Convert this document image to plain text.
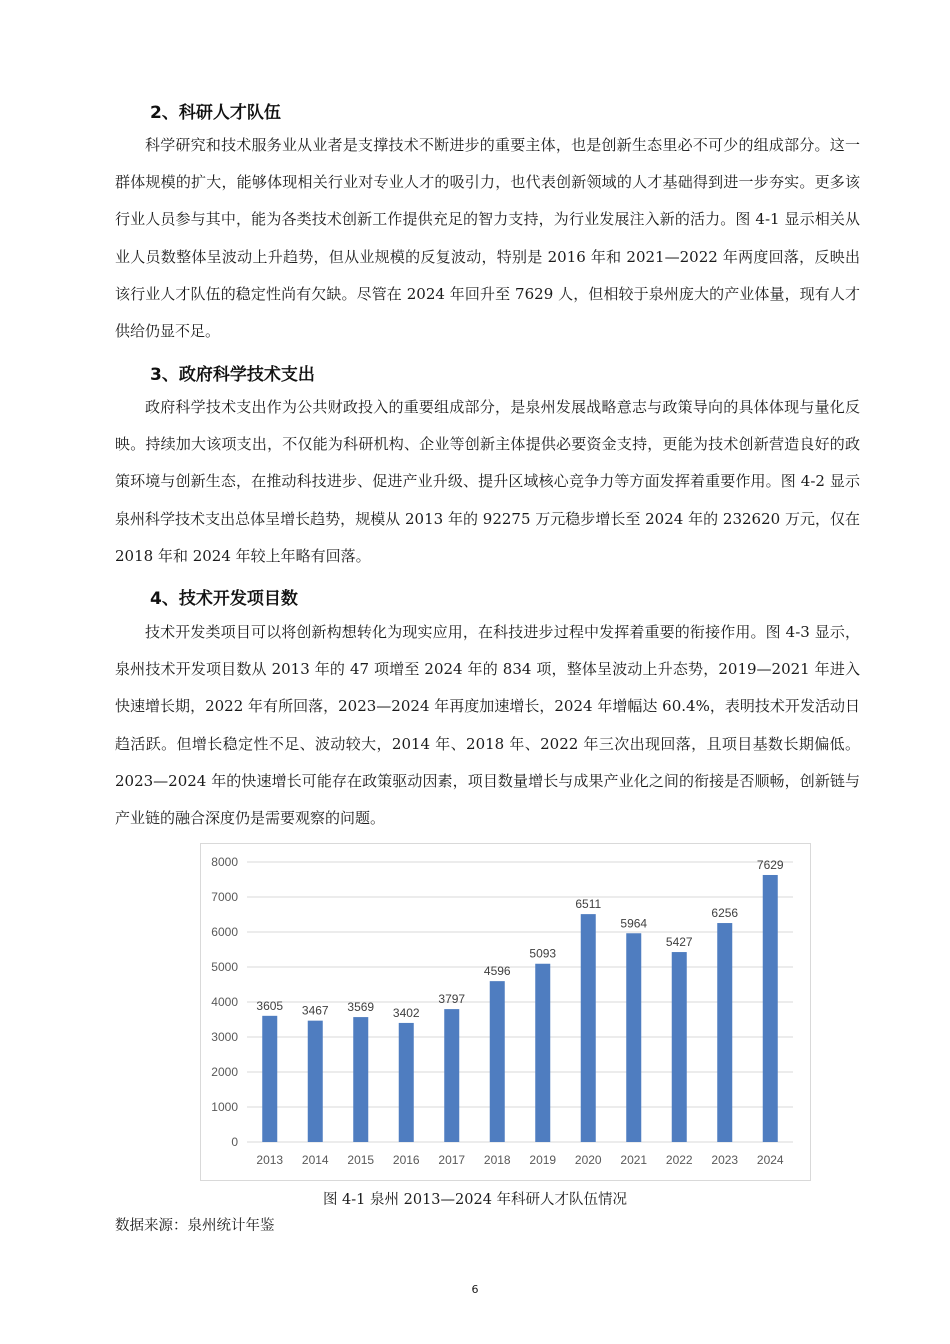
2、科研人才队伍

科学研究和技术服务业从业者是支撑技术不断进步的重要主体，也是创新生态里必不可少的组成部分。这一群体规模的扩大，能够体现相关行业对专业人才的吸引力，也代表创新领域的人才基础得到进一步夯实。更多该行业人员参与其中，能为各类技术创新工作提供充足的智力支持，为行业发展注入新的活力。图 4-1 显示相关从业人员数整体呈波动上升趋势，但从业规模的反复波动，特别是 2016 年和 2021—2022 年两度回落，反映出该行业人才队伍的稳定性尚有欠缺。尽管在 2024 年回升至 7629 人，但相较于泉州庞大的产业体量，现有人才供给仍显不足。

3、政府科学技术支出

政府科学技术支出作为公共财政投入的重要组成部分，是泉州发展战略意志与政策导向的具体体现与量化反映。持续加大该项支出，不仅能为科研机构、企业等创新主体提供必要资金支持，更能为技术创新营造良好的政策环境与创新生态，在推动科技进步、促进产业升级、提升区域核心竞争力等方面发挥着重要作用。图 4-2 显示泉州科学技术支出总体呈增长趋势，规模从 2013 年的 92275 万元稳步增长至 2024 年的 232620 万元，仅在 2018 年和 2024 年较上年略有回落。

4、技术开发项目数

技术开发类项目可以将创新构想转化为现实应用，在科技进步过程中发挥着重要的衔接作用。图 4-3 显示，泉州技术开发项目数从 2013 年的 47 项增至 2024 年的 834 项，整体呈波动上升态势，2019—2021 年进入快速增长期，2022 年有所回落，2023—2024 年再度加速增长，2024 年增幅达 60.4%，表明技术开发活动日趋活跃。但增长稳定性不足、波动较大，2014 年、2018 年、2022 年三次出现回落，且项目基数长期偏低。2023—2024 年的快速增长可能存在政策驱动因素，项目数量增长与成果产业化之间的衔接是否顺畅，创新链与产业链的融合深度仍是需要观察的问题。

0
1000
2000
3000
4000
5000
6000
7000
8000
3605
2013
3467
2014
3569
2015
3402
2016
3797
2017
4596
2018
5093
2019
6511
2020
5964
2021
5427
2022
6256
2023
7629
2024
图 4-1 泉州 2013—2024 年科研人才队伍情况
数据来源：泉州统计年鉴
6
